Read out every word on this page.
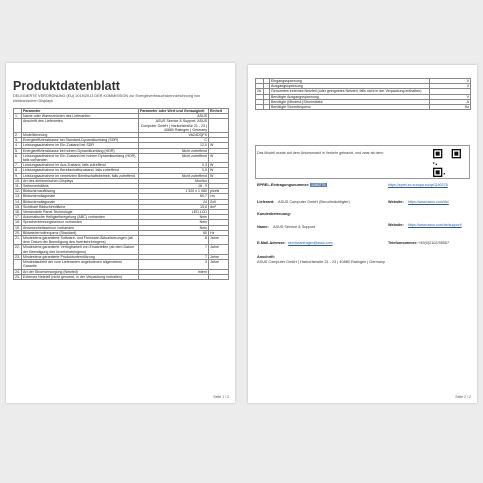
Produktdatenblatt
DELEGIERTE VERORDNUNG (EU) 2019/2013 DER KOMMISSION zur Energieverbrauchskennzeichnung von elektronischen Displays
	Parameter	Parameter oder Wert und Genauigkeit	Einheit
1.	Name oder Warenzeichen des Lieferanten	ASUS	
	Anschrift des Lieferanten	ASUS Service & Support, ASUS Computer GmbH | Harkortstraße 21 - 23 | 40880 Ratingen | Germany	
2.	Modellkennung	VA24DQFS	
3.	Energieeffizienzklasse bei Standard-Dynamikumfang (SDR)	C	
4.	Leistungsaufnahme im Ein-Zustand bei SDR	12,0	W
5.	Energieeffizienzklasse bei hohem Dynamikumfang (HDR)	Nicht zutreffend	
6.	Leistungsaufnahme im Ein-Zustand bei hohem Dynamikumfang (HDR), falls vorhanden	Nicht zutreffend	W
7.	Leistungsaufnahme im Aus-Zustand, falls zutreffend	0,3	W
8.	Leistungsaufnahme im Bereitschaftszustand, falls zutreffend	0,5	W
9.	Leistungsaufnahme im vernetzten Bereitschaftsbetrieb, falls zutreffend	Nicht zutreffend	W
10.	Art des elektronischen Displays	Monitor	
11.	Seitenverhältnis	16 : 9	
12.	Bildschirmauflösung	1 920 x 1 080	pixels
13.	Bildschirmdiagonale	60,7	cm
14.	Bildschirmdiagonale	24	Zoll
15.	Sichtbare Bildschirmfläche	15,6	dm²
16.	Verwendete Panel-Technologie	LED LCD	
17.	Automatische Helligkeitsregelung (ABC) vorhanden	Nein	
18.	Spracherkennungssensor vorhanden	Nein	
19.	Anwesenheitssensor vorhanden	Nein	
20.	Bildwiederholfrequenz (Standard)	60	Hz
21.	Mindestens garantierte Software- und Firmware-Aktualisierungen (ab dem Datum der Beendigung des Inverkehrbringens)	8	Jahre
22.	Mindestens garantierte Verfügbarkeit von Ersatzteilen (ab dem Datum der Beendigung des Inverkehrbringens)	7	Jahre
23.	Mindestens garantierte Produktunterstützung	7	Jahre
	Mindestlaufzeit der vom Lieferanten angebotenen allgemeinen Garantie	3	Jahre
24.	Art der Stromversorgung (Netzteil)	Intern	
25.	Externes Netzteil (nicht genormt, in der Verpackung enthalten)		
Seite 1 / 2
		Eingangsspannung	V
		Ausgangsspannung	V
26.		Genormtes externes Netzteil (oder geeignetes Netzteil, falls nicht in der Verpackung enthalten)	
		Benötigte Ausgangsspannung	V
		Benötigte (Mindest-)Stromstärke	A
		Benötigte Stromfrequenz	Hz
Das Modell wurde auf dem Unionsmarkt in Verkehr gebracht, und zwar ab dem:
EPREL-Eintragungsnummer: 1160278	https://eprel.ec.europa.eu/qr/1160278
Lieferant: ASUS Computer GmbH (Bevollmächtigter)	Website: https://www.asus.com/de/
Kundenbetreuung:
Name: ASUS Service & Support	Website: https://www.asus.com/de/support/
E-Mail-Adresse: serviceanfragen@asus.com	Telefonnummer: +49(0)2102/95557
Anschrift:
ASUS Computer GmbH | Harkortstraße 21 - 23 | 40880 Ratingen | Germany
Seite 2 / 2
